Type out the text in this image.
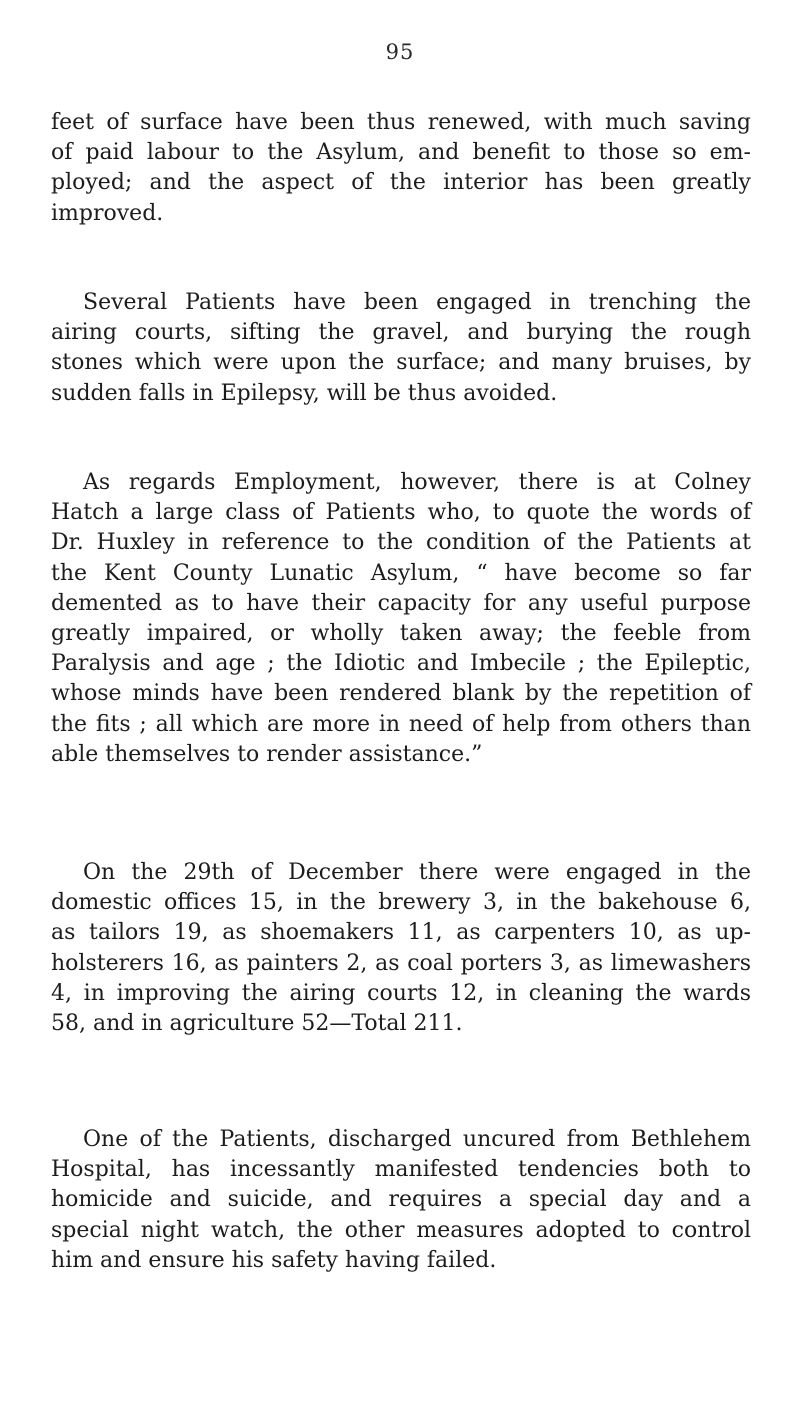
95
feet of surface have been thus renewed, with much saving
of paid labour to the Asylum, and benefit to those so em-
ployed; and the aspect of the interior has been greatly
improved.
Several Patients have been engaged in trenching the
airing courts, sifting the gravel, and burying the rough
stones which were upon the surface; and many bruises, by
sudden falls in Epilepsy, will be thus avoided.
As regards Employment, however, there is at Colney
Hatch a large class of Patients who, to quote the words of
Dr. Huxley in reference to the condition of the Patients at
the Kent County Lunatic Asylum, “ have become so far
demented as to have their capacity for any useful purpose
greatly impaired, or wholly taken away; the feeble from
Paralysis and age ; the Idiotic and Imbecile ; the Epileptic,
whose minds have been rendered blank by the repetition of
the fits ; all which are more in need of help from others than
able themselves to render assistance.”
On the 29th of December there were engaged in the
domestic offices 15, in the brewery 3, in the bakehouse 6,
as tailors 19, as shoemakers 11, as carpenters 10, as up-
holsterers 16, as painters 2, as coal porters 3, as limewashers
4, in improving the airing courts 12, in cleaning the wards
58, and in agriculture 52—Total 211.
One of the Patients, discharged uncured from Bethlehem
Hospital, has incessantly manifested tendencies both to
homicide and suicide, and requires a special day and a
special night watch, the other measures adopted to control
him and ensure his safety having failed.
